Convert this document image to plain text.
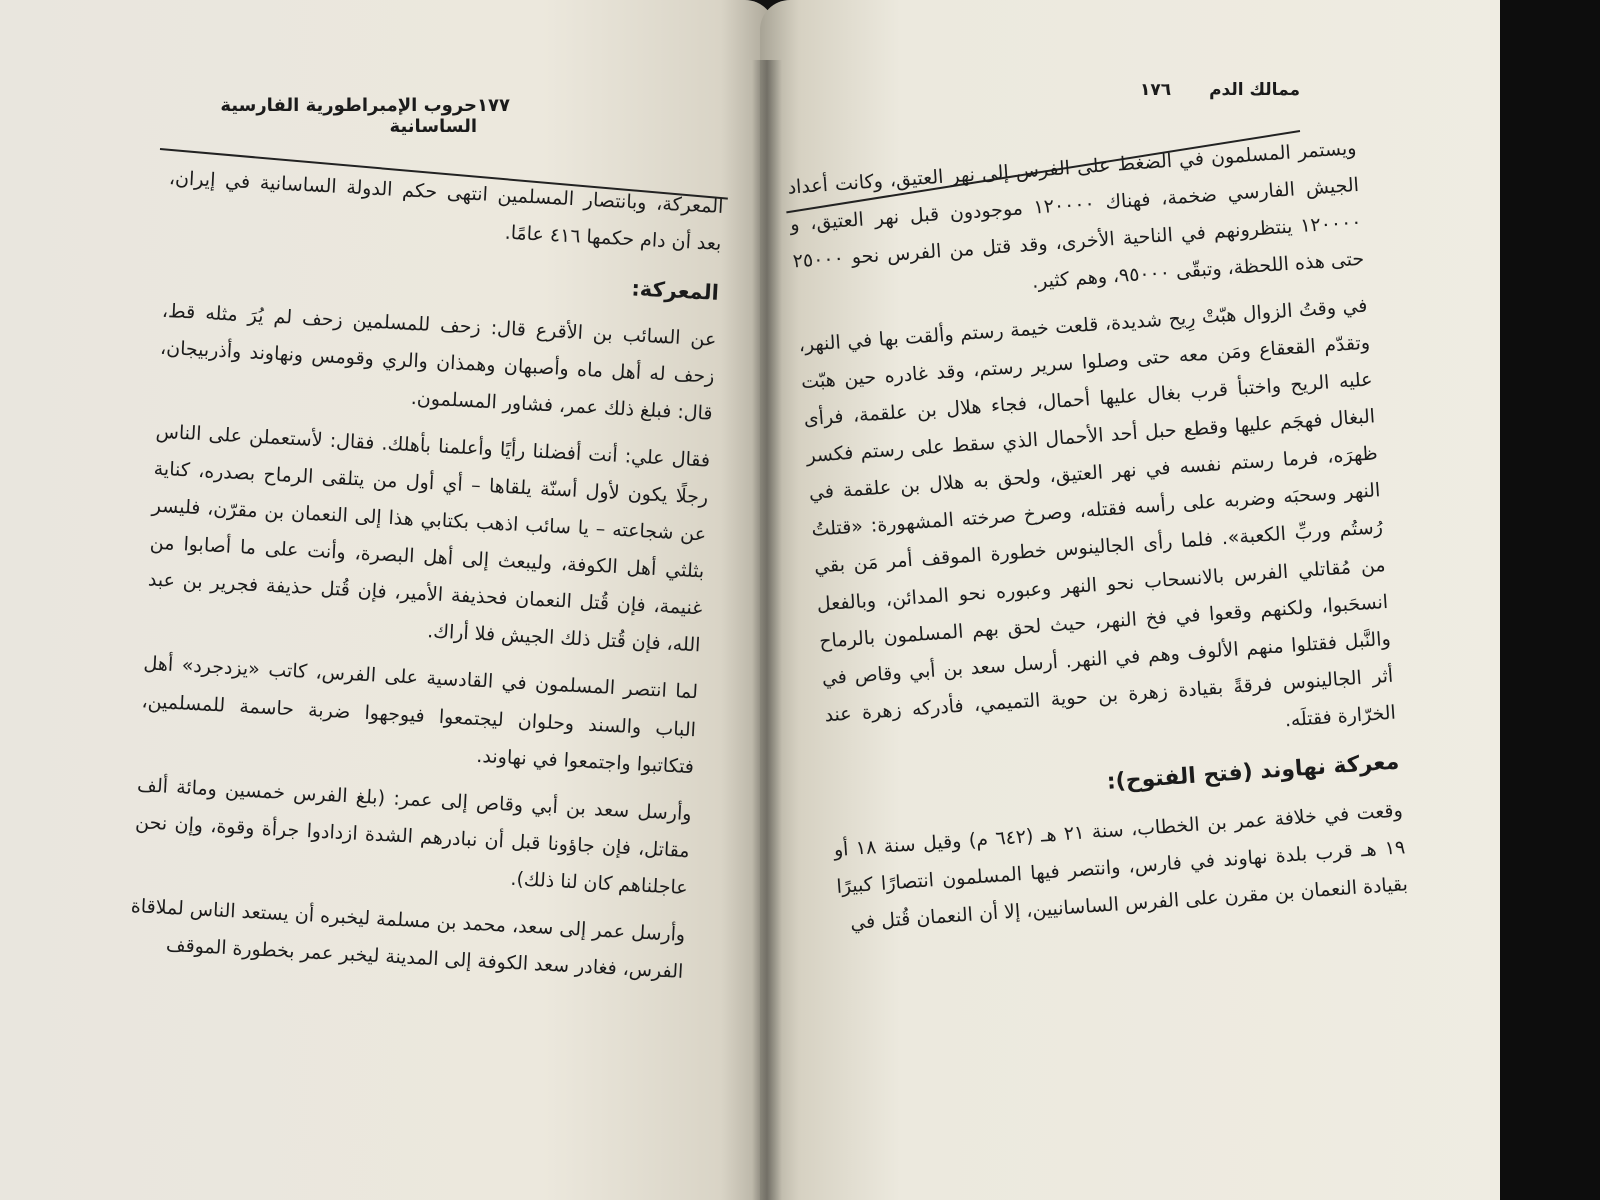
١٧٧
حروب الإمبراطورية الفارسية الساسانية

المعركة، وبانتصار المسلمين انتهى حكم الدولة الساسانية في إيران، بعد أن دام حكمها ٤١٦ عامًا.

المعركة:

عن السائب بن الأقرع قال: زحف للمسلمين زحف لم يُرَ مثله قط، زحف له أهل ماه وأصبهان وهمذان والري وقومس ونهاوند وأذربيجان، قال: فبلغ ذلك عمر، فشاور المسلمون.

فقال علي: أنت أفضلنا رأيًا وأعلمنا بأهلك. فقال: لأستعملن على الناس رجلًا يكون لأول أسنّة يلقاها – أي أول من يتلقى الرماح بصدره، كناية عن شجاعته – يا سائب اذهب بكتابي هذا إلى النعمان بن مقرّن، فليسر بثلثي أهل الكوفة، وليبعث إلى أهل البصرة، وأنت على ما أصابوا من غنيمة، فإن قُتل النعمان فحذيفة الأمير، فإن قُتل حذيفة فجرير بن عبد الله، فإن قُتل ذلك الجيش فلا أراك.

لما انتصر المسلمون في القادسية على الفرس، كاتب «يزدجرد» أهل الباب والسند وحلوان ليجتمعوا فيوجهوا ضربة حاسمة للمسلمين، فتكاتبوا واجتمعوا في نهاوند.

وأرسل سعد بن أبي وقاص إلى عمر: (بلغ الفرس خمسين ومائة ألف مقاتل، فإن جاؤونا قبل أن نبادرهم الشدة ازدادوا جرأة وقوة، وإن نحن عاجلناهم كان لنا ذلك).

وأرسل عمر إلى سعد، محمد بن مسلمة ليخبره أن يستعد الناس لملاقاة الفرس، فغادر سعد الكوفة إلى المدينة ليخبر عمر بخطورة الموقف

ممالك الدم
١٧٦

ويستمر المسلمون في الضغط على الفرس إلى نهر العتيق، وكانت أعداد الجيش الفارسي ضخمة، فهناك ١٢٠٠٠٠ موجودون قبل نهر العتيق، و ١٢٠٠٠٠ ينتظرونهم في الناحية الأخرى، وقد قتل من الفرس نحو ٢٥٠٠٠ حتى هذه اللحظة، وتبقّى ٩٥٠٠٠، وهم كثير.

في وقتُ الزوال هبّتْ رِيح شديدة، قلعت خيمة رستم وألقت بها في النهر، وتقدّم القعقاع ومَن معه حتى وصلوا سرير رستم، وقد غادره حين هبّت عليه الريح واختبأ قرب بغال عليها أحمال، فجاء هلال بن علقمة، فرأى البغال فهجَم عليها وقطع حبل أحد الأحمال الذي سقط على رستم فكسر ظهرَه، فرما رستم نفسه في نهر العتيق، ولحق به هلال بن علقمة في النهر وسحبَه وضربه على رأسه فقتله، وصرخ صرخته المشهورة: «قتلتُ رُستُم وربِّ الكعبة». فلما رأى الجالينوس خطورة الموقف أمر مَن بقي من مُقاتلي الفرس بالانسحاب نحو النهر وعبوره نحو المدائن، وبالفعل انسحَبوا، ولكنهم وقعوا في فخ النهر، حيث لحق بهم المسلمون بالرماح والنَّبل فقتلوا منهم الألوف وهم في النهر. أرسل سعد بن أبي وقاص في أثر الجالينوس فرقةً بقيادة زهرة بن حوية التميمي، فأدركه زهرة عند الخرّارة فقتلَه.

معركة نهاوند (فتح الفتوح):

وقعت في خلافة عمر بن الخطاب، سنة ٢١ هـ (٦٤٢ م) وقيل سنة ١٨ أو ١٩ هـ قرب بلدة نهاوند في فارس، وانتصر فيها المسلمون انتصارًا كبيرًا بقيادة النعمان بن مقرن على الفرس الساسانيين، إلا أن النعمان قُتل في
